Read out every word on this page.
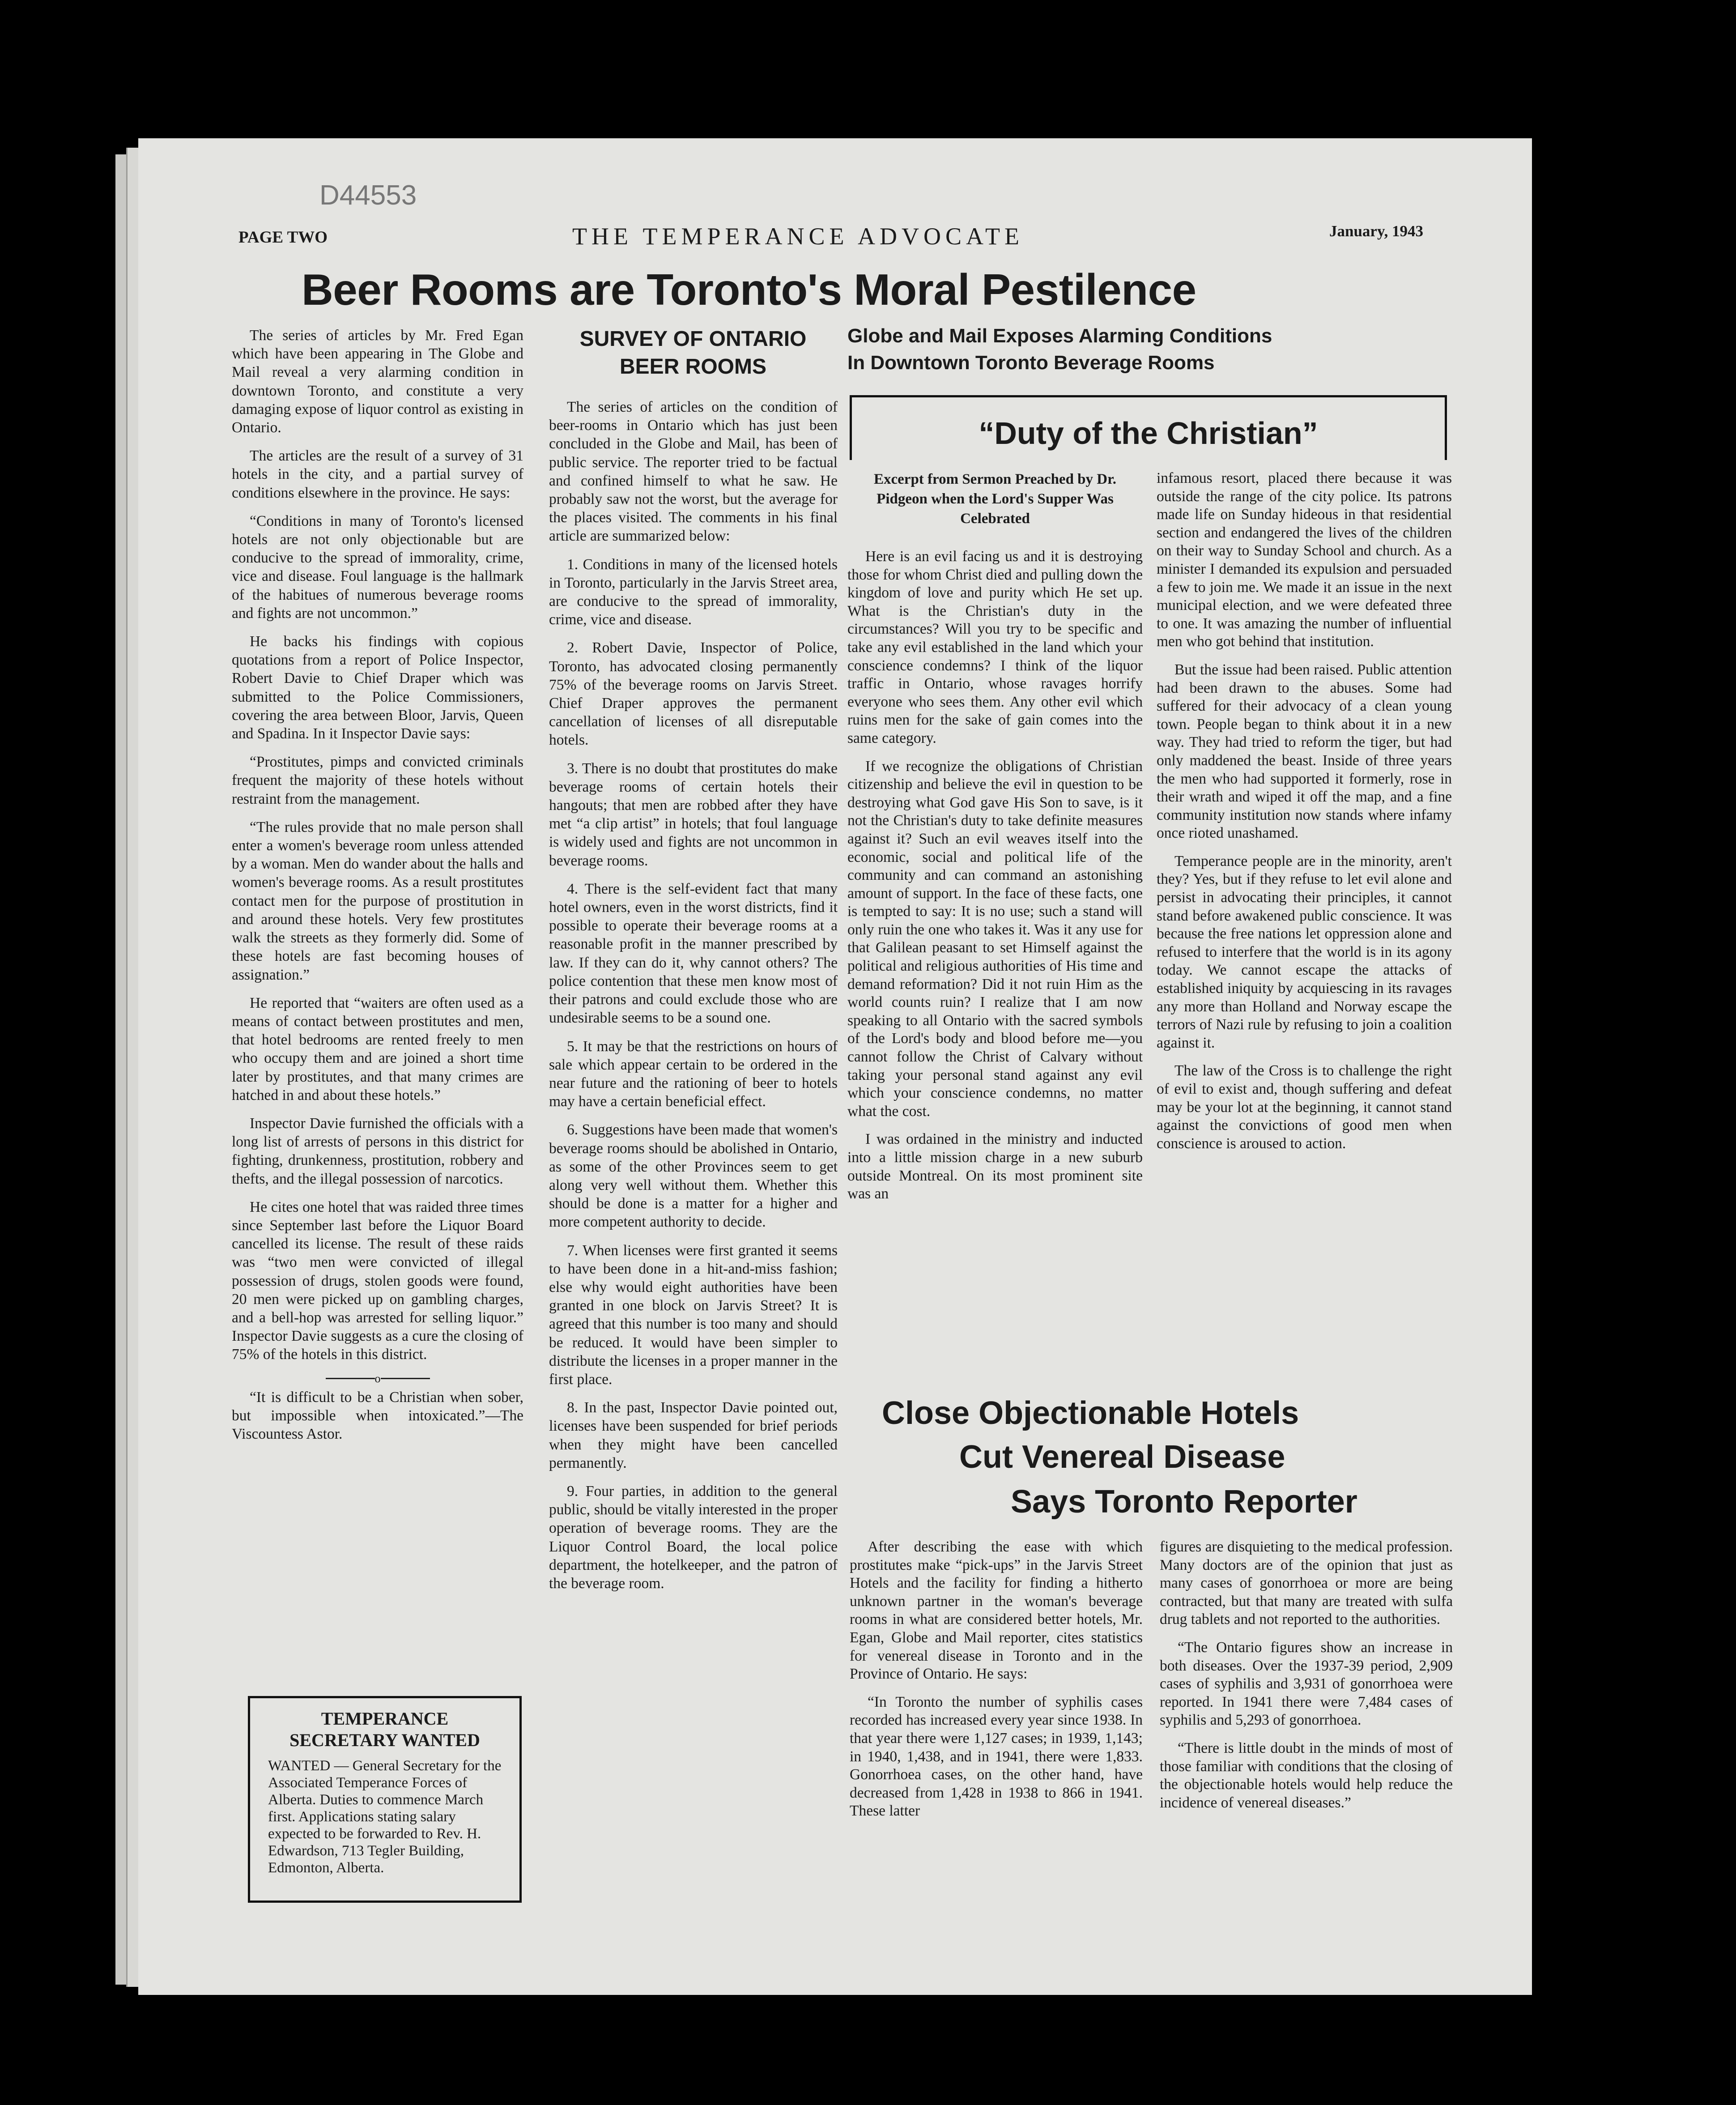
D44553
PAGE TWO	THE TEMPERANCE ADVOCATE	January, 1943
Beer Rooms are Toronto's Moral Pestilence

The series of articles by Mr. Fred Egan which have been appearing in The Globe and Mail reveal a very alarming condition in downtown Toronto, and constitute a very damaging expose of liquor control as existing in Ontario.

The articles are the result of a survey of 31 hotels in the city, and a partial survey of conditions elsewhere in the province. He says:

“Conditions in many of Toronto's licensed hotels are not only objectionable but are conducive to the spread of immorality, crime, vice and disease. Foul language is the hallmark of the habitues of numerous beverage rooms and fights are not uncommon.”

He backs his findings with copious quotations from a report of Police Inspector, Robert Davie to Chief Draper which was submitted to the Police Commissioners, covering the area between Bloor, Jarvis, Queen and Spadina. In it Inspector Davie says:

“Prostitutes, pimps and convicted criminals frequent the majority of these hotels without restraint from the management.

“The rules provide that no male person shall enter a women's beverage room unless attended by a woman. Men do wander about the halls and women's beverage rooms. As a result prostitutes contact men for the purpose of prostitution in and around these hotels. Very few prostitutes walk the streets as they formerly did. Some of these hotels are fast becoming houses of assignation.”

He reported that “waiters are often used as a means of contact between prostitutes and men, that hotel bedrooms are rented freely to men who occupy them and are joined a short time later by prostitutes, and that many crimes are hatched in and about these hotels.”

Inspector Davie furnished the officials with a long list of arrests of persons in this district for fighting, drunkenness, prostitution, robbery and thefts, and the illegal possession of narcotics.

He cites one hotel that was raided three times since September last before the Liquor Board cancelled its license. The result of these raids was “two men were convicted of illegal possession of drugs, stolen goods were found, 20 men were picked up on gambling charges, and a bell-hop was arrested for selling liquor.” Inspector Davie suggests as a cure the closing of 75% of the hotels in this district.

o

“It is difficult to be a Christian when sober, but impossible when intoxicated.”—The Viscountess Astor.

TEMPERANCE SECRETARY WANTED
WANTED — General Secretary for the Associated Temperance Forces of Alberta. Duties to commence March first. Applications stating salary expected to be forwarded to Rev. H. Edwardson, 713 Tegler Building, Edmonton, Alberta.
SURVEY OF ONTARIO BEER ROOMS

The series of articles on the condition of beer-rooms in Ontario which has just been concluded in the Globe and Mail, has been of public service. The reporter tried to be factual and confined himself to what he saw. He probably saw not the worst, but the average for the places visited. The comments in his final article are summarized below:

1. Conditions in many of the licensed hotels in Toronto, particularly in the Jarvis Street area, are conducive to the spread of immorality, crime, vice and disease.

2. Robert Davie, Inspector of Police, Toronto, has advocated closing permanently 75% of the beverage rooms on Jarvis Street. Chief Draper approves the permanent cancellation of licenses of all disreputable hotels.

3. There is no doubt that prostitutes do make beverage rooms of certain hotels their hangouts; that men are robbed after they have met “a clip artist” in hotels; that foul language is widely used and fights are not uncommon in beverage rooms.

4. There is the self-evident fact that many hotel owners, even in the worst districts, find it possible to operate their beverage rooms at a reasonable profit in the manner prescribed by law. If they can do it, why cannot others? The police contention that these men know most of their patrons and could exclude those who are undesirable seems to be a sound one.

5. It may be that the restrictions on hours of sale which appear certain to be ordered in the near future and the rationing of beer to hotels may have a certain beneficial effect.

6. Suggestions have been made that women's beverage rooms should be abolished in Ontario, as some of the other Provinces seem to get along very well without them. Whether this should be done is a matter for a higher and more competent authority to decide.

7. When licenses were first granted it seems to have been done in a hit-and-miss fashion; else why would eight authorities have been granted in one block on Jarvis Street? It is agreed that this number is too many and should be reduced. It would have been simpler to distribute the licenses in a proper manner in the first place.

8. In the past, Inspector Davie pointed out, licenses have been suspended for brief periods when they might have been cancelled permanently.

9. Four parties, in addition to the general public, should be vitally interested in the proper operation of beverage rooms. They are the Liquor Control Board, the local police department, the hotelkeeper, and the patron of the beverage room.

Globe and Mail Exposes Alarming Conditions
In Downtown Toronto Beverage Rooms
“Duty of the Christian”
Excerpt from Sermon Preached by Dr. Pidgeon when the Lord's Supper Was Celebrated

Here is an evil facing us and it is destroying those for whom Christ died and pulling down the kingdom of love and purity which He set up. What is the Christian's duty in the circumstances? Will you try to be specific and take any evil established in the land which your conscience condemns? I think of the liquor traffic in Ontario, whose ravages horrify everyone who sees them. Any other evil which ruins men for the sake of gain comes into the same category.

If we recognize the obligations of Christian citizenship and believe the evil in question to be destroying what God gave His Son to save, is it not the Christian's duty to take definite measures against it? Such an evil weaves itself into the economic, social and political life of the community and can command an astonishing amount of support. In the face of these facts, one is tempted to say: It is no use; such a stand will only ruin the one who takes it. Was it any use for that Galilean peasant to set Himself against the political and religious authorities of His time and demand reformation? Did it not ruin Him as the world counts ruin? I realize that I am now speaking to all Ontario with the sacred symbols of the Lord's body and blood before me—you cannot follow the Christ of Calvary without taking your personal stand against any evil which your conscience condemns, no matter what the cost.

I was ordained in the ministry and inducted into a little mission charge in a new suburb outside Montreal. On its most prominent site was an

infamous resort, placed there because it was outside the range of the city police. Its patrons made life on Sunday hideous in that residential section and endangered the lives of the children on their way to Sunday School and church. As a minister I demanded its expulsion and persuaded a few to join me. We made it an issue in the next municipal election, and we were defeated three to one. It was amazing the number of influential men who got behind that institution.

But the issue had been raised. Public attention had been drawn to the abuses. Some had suffered for their advocacy of a clean young town. People began to think about it in a new way. They had tried to reform the tiger, but had only maddened the beast. Inside of three years the men who had supported it formerly, rose in their wrath and wiped it off the map, and a fine community institution now stands where infamy once rioted unashamed.

Temperance people are in the minority, aren't they? Yes, but if they refuse to let evil alone and persist in advocating their principles, it cannot stand before awakened public conscience. It was because the free nations let oppression alone and refused to interfere that the world is in its agony today. We cannot escape the attacks of established iniquity by acquiescing in its ravages any more than Holland and Norway escape the terrors of Nazi rule by refusing to join a coalition against it.

The law of the Cross is to challenge the right of evil to exist and, though suffering and defeat may be your lot at the beginning, it cannot stand against the convictions of good men when conscience is aroused to action.

Close Objectionable Hotels
Cut Venereal Disease
Says Toronto Reporter

After describing the ease with which prostitutes make “pick-ups” in the Jarvis Street Hotels and the facility for finding a hitherto unknown partner in the woman's beverage rooms in what are considered better hotels, Mr. Egan, Globe and Mail reporter, cites statistics for venereal disease in Toronto and in the Province of Ontario. He says:

“In Toronto the number of syphilis cases recorded has increased every year since 1938. In that year there were 1,127 cases; in 1939, 1,143; in 1940, 1,438, and in 1941, there were 1,833. Gonorrhoea cases, on the other hand, have decreased from 1,428 in 1938 to 866 in 1941. These latter

figures are disquieting to the medical profession. Many doctors are of the opinion that just as many cases of gonorrhoea or more are being contracted, but that many are treated with sulfa drug tablets and not reported to the authorities.

“The Ontario figures show an increase in both diseases. Over the 1937-39 period, 2,909 cases of syphilis and 3,931 of gonorrhoea were reported. In 1941 there were 7,484 cases of syphilis and 5,293 of gonorrhoea.

“There is little doubt in the minds of most of those familiar with conditions that the closing of the objectionable hotels would help reduce the incidence of venereal diseases.”
